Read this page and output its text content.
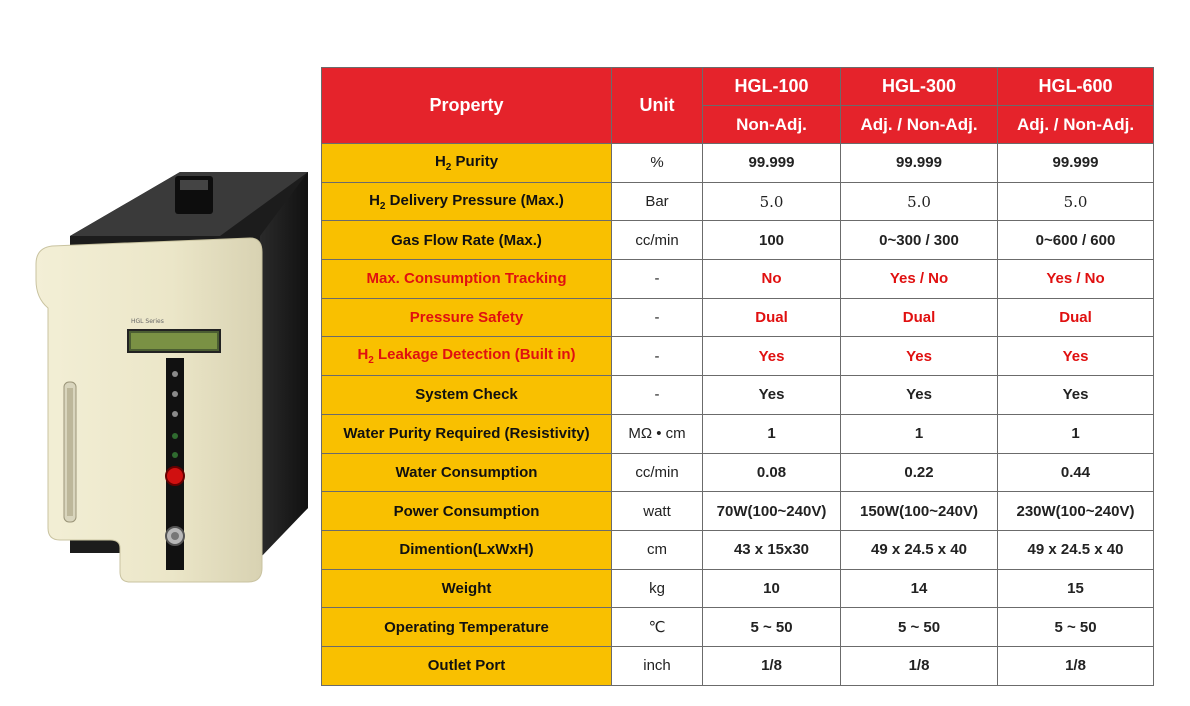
HGL Series
Property	Unit	HGL-100	HGL-300	HGL-600
		Non-Adj.	Adj. / Non-Adj.	Adj. / Non-Adj.
$H_2$ Purity	%	99.999	99.999	99.999
$H_2$ Delivery Pressure (Max.)	Bar	5.0	5.0	5.0
Gas Flow Rate (Max.)	cc/min	100	0~300 / 300	0~600 / 600
Max. Consumption Tracking	-	No	Yes / No	Yes / No
Pressure Safety	-	Dual	Dual	Dual
$H_2$ Leakage Detection (Built in)	-	Yes	Yes	Yes
System Check	-	Yes	Yes	Yes
Water Purity Required (Resistivity)	MΩ • cm	1	1	1
Water Consumption	cc/min	0.08	0.22	0.44
Power Consumption	watt	70W(100~240V)	150W(100~240V)	230W(100~240V)
Dimention(LxWxH)	cm	43 x 15x30	49 x 24.5 x 40	49 x 24.5 x 40
Weight	kg	10	14	15
Operating Temperature	℃	5 ~ 50	5 ~ 50	5 ~ 50
Outlet Port	inch	1/8	1/8	1/8
